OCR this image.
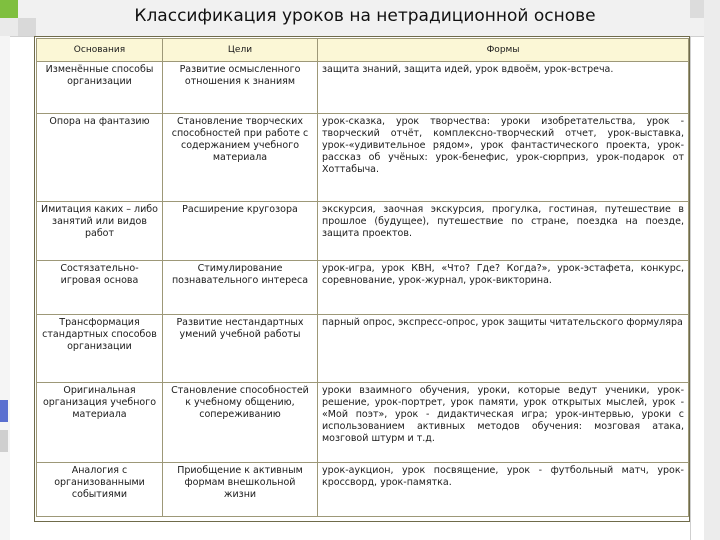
Классификация уроков на нетрадиционной основе
Основания	Цели	Формы
Изменённые способы организации	Развитие осмысленного отношения к знаниям	защита знаний, защита идей, урок вдвоём, урок-встреча.
Опора на фантазию	Становление творческих способностей при работе с содержанием учебного материала	урок-сказка, урок творчества: уроки изобретательства, урок - творческий отчёт, комплексно-творческий отчет, урок-выставка, урок-«удивительное рядом», урок фантастического проекта, урок-рассказ об учёных: урок-бенефис, урок-сюрприз, урок-подарок от Хоттабыча.
Имитация каких – либо занятий или видов работ	Расширение кругозора	экскурсия, заочная экскурсия, прогулка, гостиная, путешествие в прошлое (будущее), путешествие по стране, поездка на поезде, защита проектов.
Состязательно-игровая основа	Стимулирование познавательного интереса	урок-игра, урок КВН, «Что? Где? Когда?», урок-эстафета, конкурс, соревнование, урок-журнал, урок-викторина.
Трансформация стандартных способов организации	Развитие нестандартных умений учебной работы	парный опрос, экспресс-опрос, урок защиты читательского формуляра
Оригинальная организация учебного материала	Становление способностей к учебному общению, сопереживанию	уроки взаимного обучения, уроки, которые ведут ученики, урок-решение, урок-портрет, урок памяти, урок открытых мыслей, урок - «Мой поэт», урок - дидактическая игра; урок-интервью, уроки с использованием активных методов обучения: мозговая атака, мозговой штурм и т.д.
Аналогия с организованными событиями	Приобщение к активным формам внешкольной жизни	урок-аукцион, урок посвящение, урок - футбольный матч, урок-кроссворд, урок-памятка.
